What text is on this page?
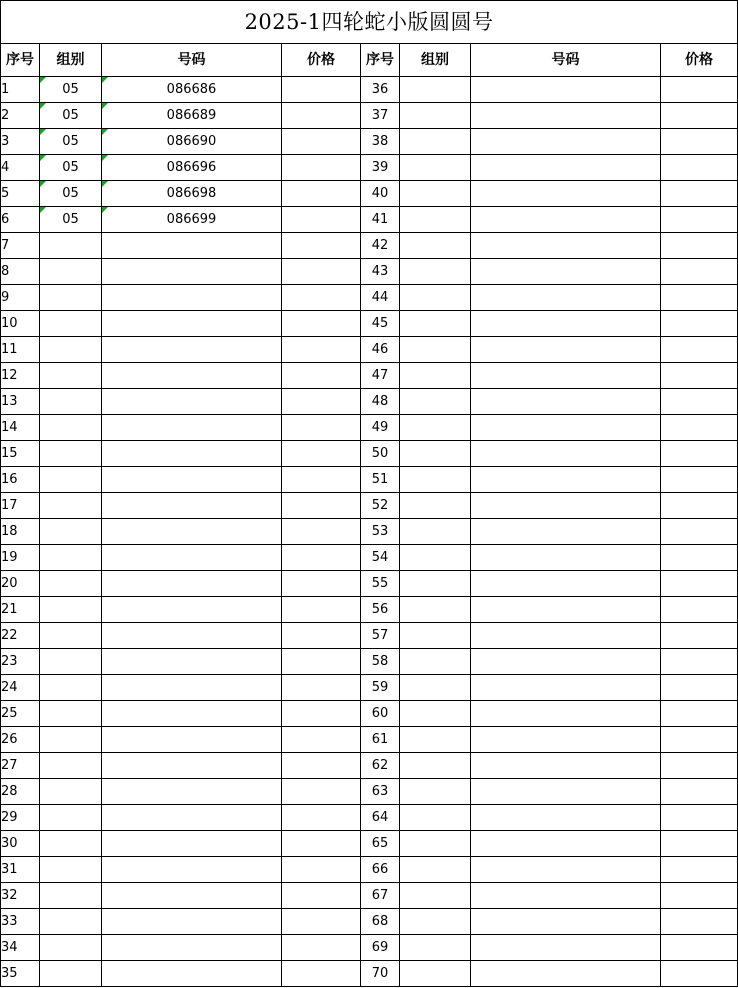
2025-1四轮蛇小版圆圆号							
序号	组别	号码	价格	序号	组别	号码	价格
1	05	086686		36			
2	05	086689		37			
3	05	086690		38			
4	05	086696		39			
5	05	086698		40			
6	05	086699		41			
7				42			
8				43			
9				44			
10				45			
11				46			
12				47			
13				48			
14				49			
15				50			
16				51			
17				52			
18				53			
19				54			
20				55			
21				56			
22				57			
23				58			
24				59			
25				60			
26				61			
27				62			
28				63			
29				64			
30				65			
31				66			
32				67			
33				68			
34				69			
35				70			
